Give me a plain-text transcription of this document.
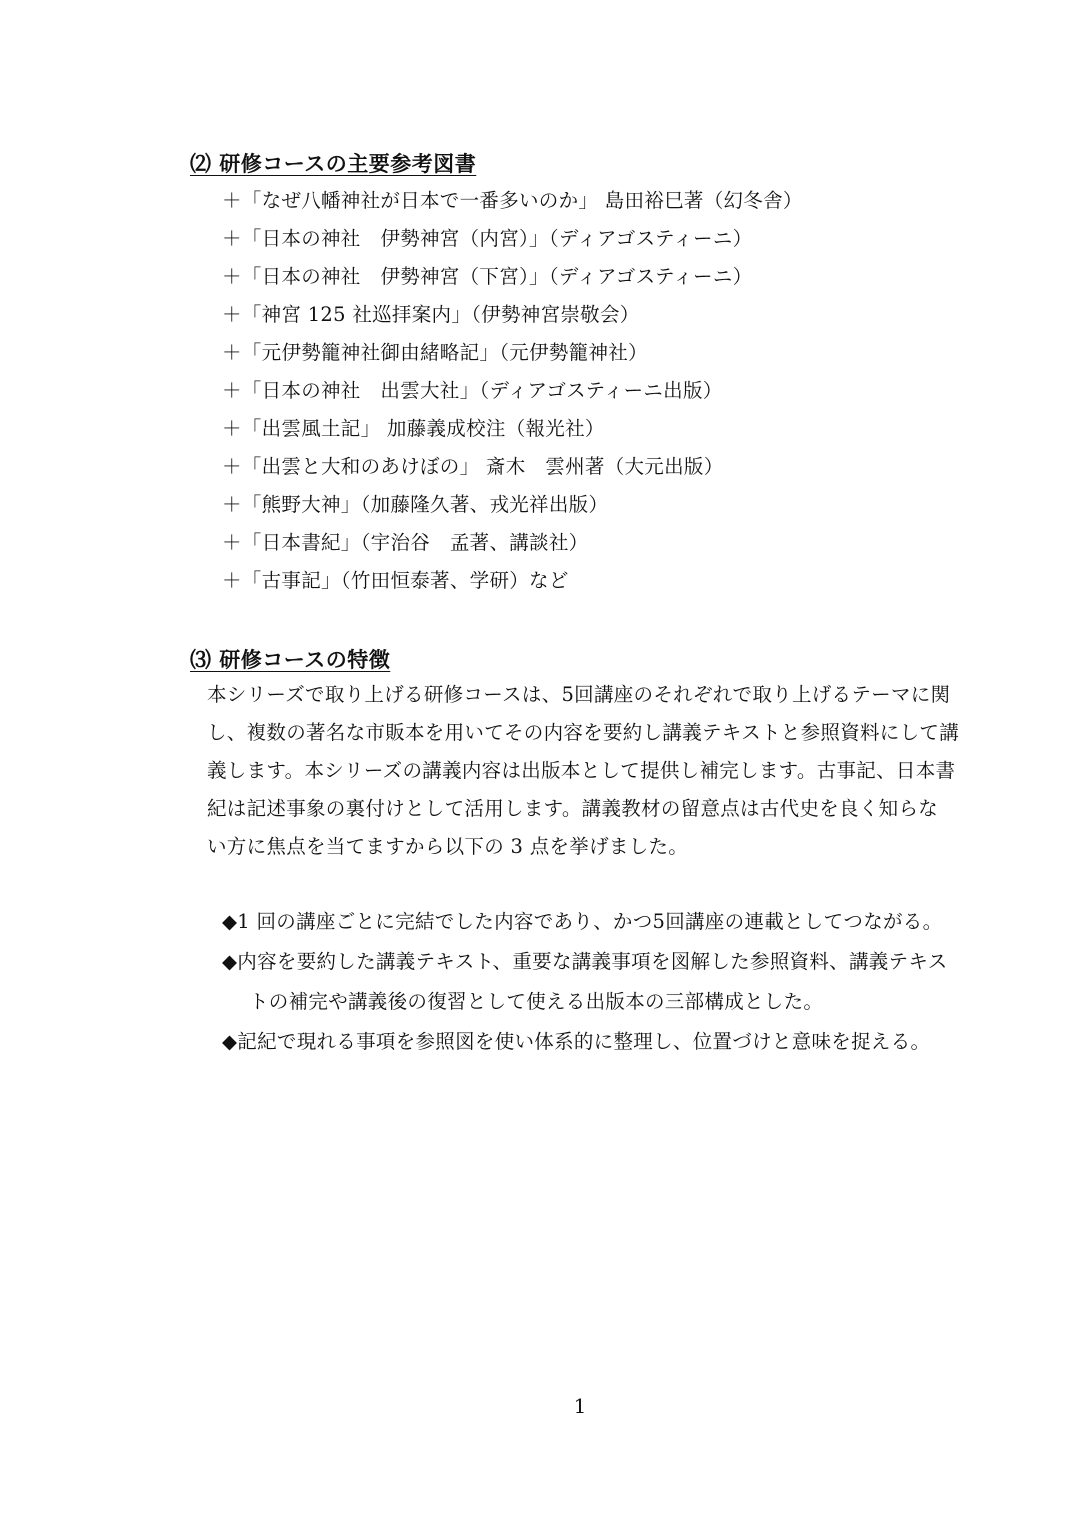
⑵ 研修コースの主要参考図書
＋「なぜ八幡神社が日本で一番多いのか」 島田裕巳著（幻冬舎）
＋「日本の神社　伊勢神宮（内宮）」（ディアゴスティーニ）
＋「日本の神社　伊勢神宮（下宮）」（ディアゴスティーニ）
＋「神宮 125 社巡拝案内」（伊勢神宮崇敬会）
＋「元伊勢籠神社御由緒略記」（元伊勢籠神社）
＋「日本の神社　出雲大社」（ディアゴスティーニ出版）
＋「出雲風土記」 加藤義成校注（報光社）
＋「出雲と大和のあけぼの」 斎木　雲州著（大元出版）
＋「熊野大神」（加藤隆久著、戎光祥出版）
＋「日本書紀」（宇治谷　孟著、講談社）
＋「古事記」（竹田恒泰著、学研）など
⑶ 研修コースの特徴
本シリーズで取り上げる研修コースは、5回講座のそれぞれで取り上げるテーマに関
し、複数の著名な市販本を用いてその内容を要約し講義テキストと参照資料にして講
義します。本シリーズの講義内容は出版本として提供し補完します。古事記、日本書
紀は記述事象の裏付けとして活用します。講義教材の留意点は古代史を良く知らな
い方に焦点を当てますから以下の 3 点を挙げました。
◆1 回の講座ごとに完結でした内容であり、かつ5回講座の連載としてつながる。
◆内容を要約した講義テキスト、重要な講義事項を図解した参照資料、講義テキス
トの補完や講義後の復習として使える出版本の三部構成とした。
◆記紀で現れる事項を参照図を使い体系的に整理し、位置づけと意味を捉える。
1
